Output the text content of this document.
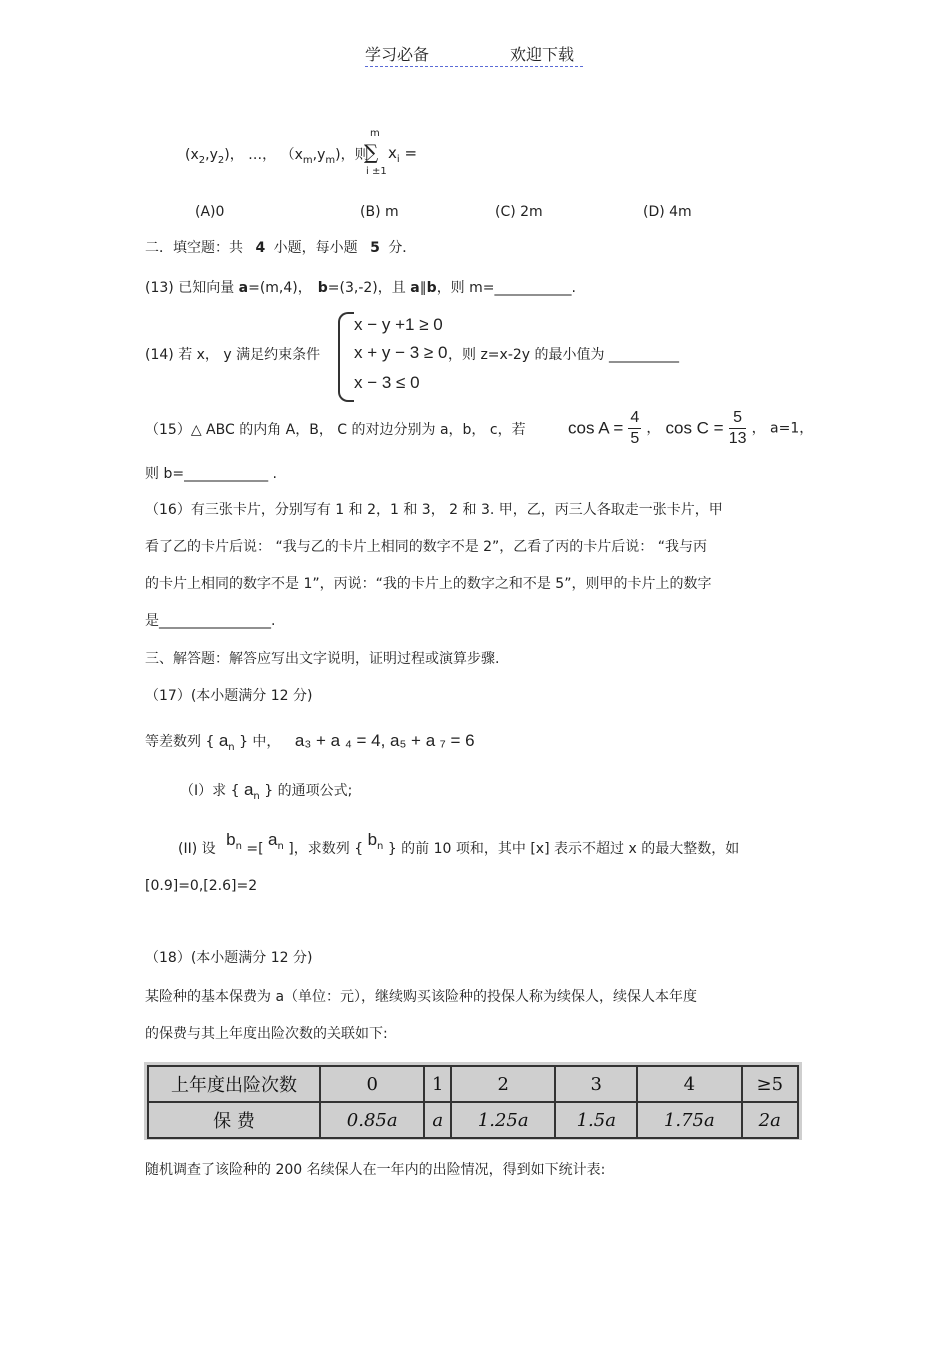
学习必备	欢迎下载
$(x_2,y_2)$， …， $(x_m,y_m)$，则
m
∑
i ±1
$x_i$ =
(A)0	(B) m	(C) 2m	(D) 4m
二．填空题：共 4 小题，每小题 5 分．
(13) 已知向量 a=(m,4)， b=(3,-2)，且 a∥b，则 m=___________.
(14) 若 x， y 满足约束条件
x − y +1 ≥ 0
x + y − 3 ≥ 0
x − 3 ≤ 0
，则 z=x-2y 的最小值为 __________
（15）△ ABC 的内角 A，B， C 的对边分别为 a，b， c，若 $\cos A = \frac{4}{5}$ ， $\cos C = \frac{5}{13}$ ， a=1，
则 b=____________ .
（16）有三张卡片，分别写有 1 和 2，1 和 3， 2 和 3. 甲，乙，丙三人各取走一张卡片，甲
看了乙的卡片后说： “我与乙的卡片上相同的数字不是 2”，乙看了丙的卡片后说： “我与丙
的卡片上相同的数字不是 1”，丙说：“我的卡片上的数字之和不是 5”，则甲的卡片上的数字
是________________.
三、解答题：解答应写出文字说明，证明过程或演算步骤.
（17）(本小题满分 12 分)
等差数列 { $a_n$ } 中， a₃ + a ₄ = 4, a₅ + a ₇ = 6
（I）求 { $a_n$ } 的通项公式;
(II) 设 $b_n$ =[ $a_n$ ]，求数列 { $b_n$ } 的前 10 项和，其中 [x] 表示不超过 x 的最大整数，如
[0.9]=0,[2.6]=2
（18）(本小题满分 12 分)
某险种的基本保费为 a（单位：元），继续购买该险种的投保人称为续保人，续保人本年度
的保费与其上年度出险次数的关联如下:
上年度出险次数	0	1	2	3	4	≥5
保 费	0.85a	a	1.25a	1.5a	1.75a	2a
随机调查了该险种的 200 名续保人在一年内的出险情况，得到如下统计表:
